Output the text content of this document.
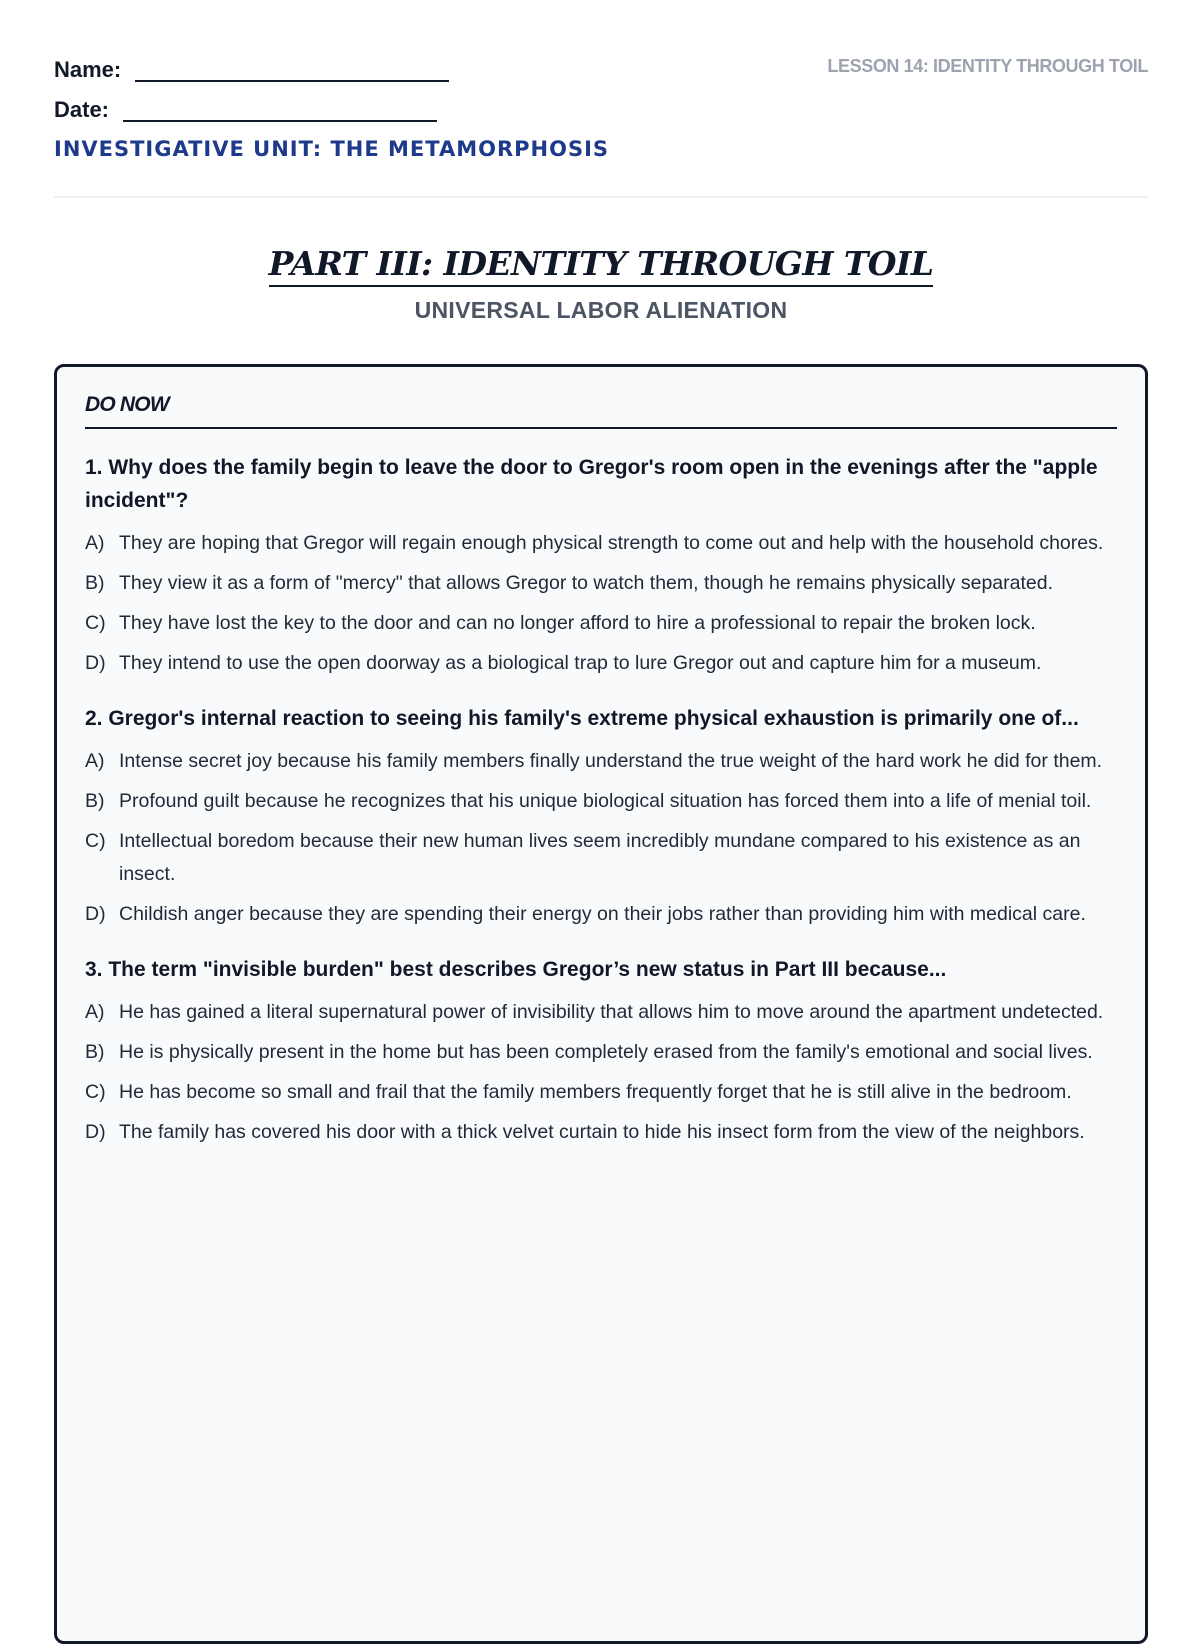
Name:
Date:
LESSON 14: IDENTITY THROUGH TOIL
INVESTIGATIVE UNIT: THE METAMORPHOSIS
PART III: IDENTITY THROUGH TOIL
UNIVERSAL LABOR ALIENATION
DO NOW
1. Why does the family begin to leave the door to Gregor's room open in the evenings after the "apple incident"?
A) They are hoping that Gregor will regain enough physical strength to come out and help with the household chores.
B) They view it as a form of "mercy" that allows Gregor to watch them, though he remains physically separated.
C) They have lost the key to the door and can no longer afford to hire a professional to repair the broken lock.
D) They intend to use the open doorway as a biological trap to lure Gregor out and capture him for a museum.
2. Gregor's internal reaction to seeing his family's extreme physical exhaustion is primarily one of...
A) Intense secret joy because his family members finally understand the true weight of the hard work he did for them.
B) Profound guilt because he recognizes that his unique biological situation has forced them into a life of menial toil.
C) Intellectual boredom because their new human lives seem incredibly mundane compared to his existence as an insect.
D) Childish anger because they are spending their energy on their jobs rather than providing him with medical care.
3. The term "invisible burden" best describes Gregor’s new status in Part III because...
A) He has gained a literal supernatural power of invisibility that allows him to move around the apartment undetected.
B) He is physically present in the home but has been completely erased from the family's emotional and social lives.
C) He has become so small and frail that the family members frequently forget that he is still alive in the bedroom.
D) The family has covered his door with a thick velvet curtain to hide his insect form from the view of the neighbors.
